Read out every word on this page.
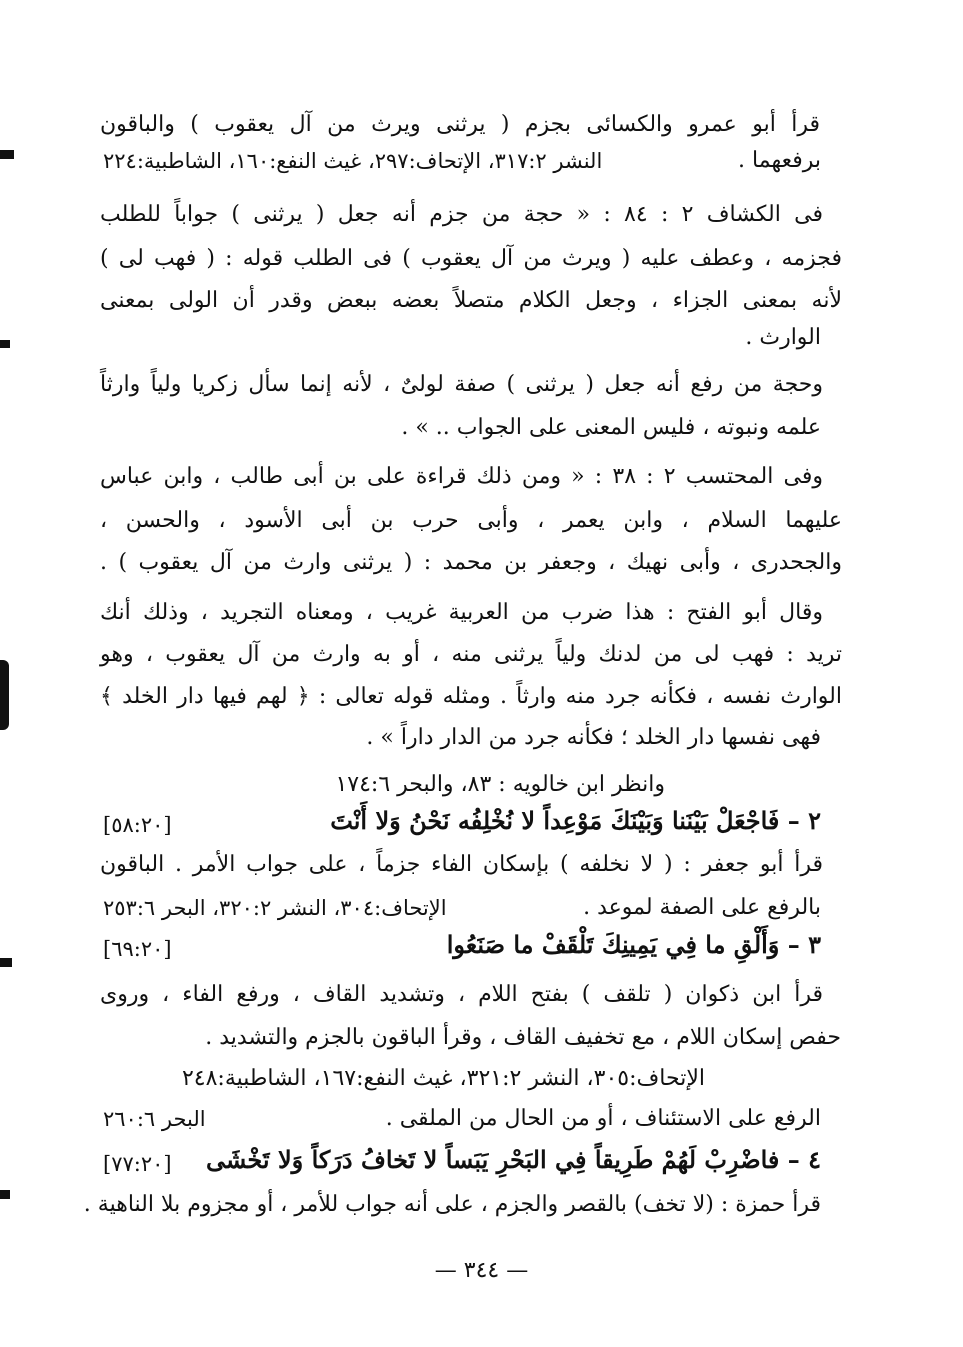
قرأ أبو عمرو والكسائى بجزم ( يرثنى ويرث من آل يعقوب ) والباقون
برفعهما .
النشر ٣١٧:٢، الإتحاف:٢٩٧، غيث النفع:١٦٠، الشاطبية:٢٢٤
فى الكشاف ٢ : ٨٤ : « حجة من جزم أنه جعل ( يرثنى ) جواباً للطلب
فجزمه ، وعطف عليه ( ويرث من آل يعقوب ) فى الطلب قوله : ( فهب لى )
لأنه بمعنى الجزاء ، وجعل الكلام متصلاً بعضه ببعض وقدر أن الولى بمعنى
الوارث .
وحجة من رفع أنه جعل ( يرثنى ) صفة لولىٌ ، لأنه إنما سأل زكريا ولياً وارثاً
علمه ونبوته ، فليس المعنى على الجواب .. » .
وفى المحتسب ٢ : ٣٨ : « ومن ذلك قراءة على بن أبى طالب ، وابن عباس
عليهما السلام ، وابن يعمر ، وأبى حرب بن أبى الأسود ، والحسن ،
والجحدرى ، وأبى نهيك ، وجعفر بن محمد : ( يرثنى وارث من آل يعقوب ) .
وقال أبو الفتح : هذا ضرب من العربية غريب ، ومعناه التجريد ، وذلك أنك
تريد : فهب لى من لدنك ولياً يرثنى منه ، أو به وارث من آل يعقوب ، وهو
الوارث نفسه ، فكأنه جرد منه وارثاً . ومثله قوله تعالى : ﴿ لهم فيها دار الخلد ﴾
فهى نفسها دار الخلد ؛ فكأنه جرد من الدار داراً » .
وانظر ابن خالويه : ٨٣، والبحر ١٧٤:٦
٢ – فَاجْعَلْ بَيْنَنا وَبَيْنَكَ مَوْعِداً لا نُخْلِفُه نَحْنُ وَلا أَنْتَ
[٥٨:٢٠]
قرأ أبو جعفر : ( لا نخلفه ) بإسكان الفاء جزماً ، على جواب الأمر . الباقون
بالرفع على الصفة لموعد .
الإتحاف:٣٠٤، النشر ٣٢٠:٢، البحر ٢٥٣:٦
٣ – وَأَلْقِ ما فِي يَمِينِكَ تَلْقَفْ ما صَنَعُوا
[٦٩:٢٠]
قرأ ابن ذكوان ( تلقف ) بفتح اللام ، وتشديد القاف ، ورفع الفاء ، وروى
حفص إسكان اللام ، مع تخفيف القاف ، وقرأ الباقون بالجزم والتشديد .
الإتحاف:٣٠٥، النشر ٣٢١:٢، غيث النفع:١٦٧، الشاطبية:٢٤٨
الرفع على الاستئناف ، أو من الحال من الملقى .
البحر ٢٦٠:٦
٤ – فاضْرِبْ لَهُمْ طَرِيقاً فِي البَحْرِ يَبَساً لا تَخافُ دَرَكاً وَلا تَخْشَى
[٧٧:٢٠]
قرأ حمزة : (لا تخف) بالقصر والجزم ، على أنه جواب للأمر ، أو مجزوم بلا الناهية .
— ٣٤٤ —
